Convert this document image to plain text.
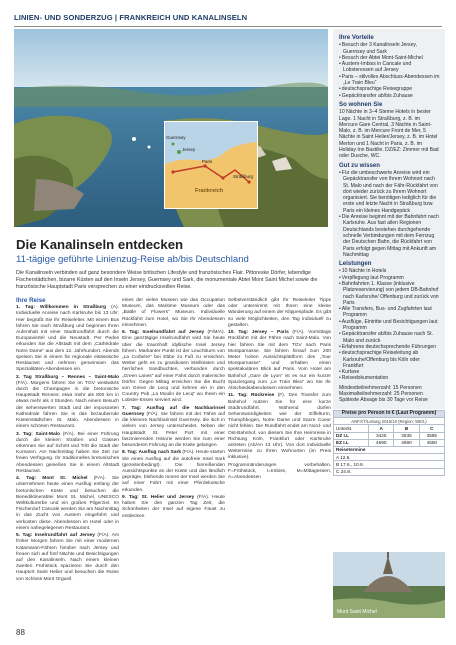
LINIEN- UND SONDERZUG | FRANKREICH UND KANALINSELN
Jersey
Guernsey
Paris
Straßburg
Frankreich
Ihre Vorteile
• Besuch der 3 Kanalinseln Jersey, Guernsey und Sark
• Besuch der Abtei Mont-Saint-Michel
• Austern-Imbiss in Cancale und Lobsteressen auf Jersey
• Paris – stilvolles Abschluss-Abendessen im „Le Train Bleu“
• deutschsprachige Reisegruppe
• Gepäcktransfer ab/bis Zuhause
So wohnen Sie

10 Nächte in 3–4 Sterne Hotels in bester Lage. 1 Nacht in Straßburg, z. B. im Mercure Gare Central, 3 Nächte in Saint-Malo, z. B. im Mercure Front de Mer, 5 Nächte in Saint Helier/Jersey, z. B. im Hotel Merton und 1 Nacht in Paris, z. B. im Holiday Inn Bastille. DZ/EZ: Zimmer mit Bad oder Dusche, WC.

Gut zu wissen
• Für die umbeschwerte Anreise wird ein Gepäcktransfer von Ihrem Wohnort nach St. Malo und nach der Fähr-Rückfahrt von dort wieder zurück zu Ihrem Wohnort organisiert. Sie benötigen lediglich für die erste und letzte Nacht in Straßburg bzw. Paris ein kleines Handgepäck
• Die Anreise beginnt mit der Bahnfahrt nach Karlsruhe. Aus fast allen Regionen Deutschlands bestehen durchgehende schnelle Verbindungen mit dem Fernzug der Deutschen Bahn, die Rückfahrt von Paris erfolgt gegen Mittag mit Ankunft am Nachmittag
Leistungen
• 10 Nächte in Hotels
• Verpflegung laut Programm
• Bahnfahrten 1. Klasse (inklusive Platzreservierung) von jedem DB-Bahnhof nach Karlsruhe/ Offenburg und zurück von Paris
• Alle Transfers, Bus- und Zugfahrten laut Programm
• Ausflüge, Eintritte und Besichtigungen laut Programm
• Gepäcktransfer ab/bis Zuhause nach St. Malo und zurück
• Erfahrene deutschsprechende Führungen
• deutschsprachige Reiseleitung ab Karlsruhe/Offenburg bis Köln oder Frankfurt
• Kurtaxe
• Reisedokumentation

Mindestteilnehmerzahl: 15 Personen

Maximalteilnehmerzahl: 25 Personen

Späteste Absage bis 30 Tage vor Reise

Preise pro Person in € (Laut Programm)			
ANF.KT/Leitung 2015/10 (Region: WE/L)			
Unterkt.	A	B	C
DZ I.L	3425	3535	3585
EZ I.L	4590	4590	4550
Reisetermine			
A 12.5.			
B 17.6., 10.9.			
C 24.8.			
Mont Saint Michel
Die Kanalinseln entdecken
11-tägige geführte Linienzug-Reise ab/bis Deutschland
Die Kanalinseln verbinden auf ganz besondere Weise britischen Lifestyle und französisches Flair. Pittoreske Dörfer, lebendige Fischerstädtchen, bizarre Küsten auf den Inseln Jersey, Guernsey und Sark, die monumentale Abtei Mont Saint Michel sowie die französische Hauptstadt Paris versprechen zu einer eindrucksvollen Reise.
Ihre Reise

1. Tag: Willkommen in Straßburg (A). Individuelle Anreise nach Karlsruhe bis 13 Uhr. Hier begrüßt Sie Ihr Reiseleiter. Mit einem Bus fahren Sie nach Straßburg und beginnen Ihren Aufenthalt mit einer Stadtrundfahrt durch die Europaviertel und die Neustadt. Per Pedes erkunden Sie die Altstadt mit dem „Cathédrale Notre Dame“ aus dem 12. Jahrhundert. Abends speisen Sie in einem für regionale elsässische Restaurant und nehmen gemeinsam das Spezialitäten-Abendessen ein.

2. Tag Straßburg – Rennes – Saint-Malo (F/A). Morgens fahren Sie im TGV westwärts durch die Champagne in die bretonische Hauptstadt Rennes: etwa mehr als 800 km in etwas mehr als 4 Stunden. Nach einem Besuch der sehenswerten Stadt und der imposanten Kathedrale fahren Sie in das bezaubernde Küstenstädtchen St. Malo. Abendessen in einem schönen Restaurant.

3. Tag: Saint-Malo (F/A). Bei einer Führung durch die kleinen Straßen und Gassen erkennen Sie auf Schritt und Tritt die Stadt der Korsaren. Am Nachmittag haben Sie Zeit zur freien Verfügung. Ihr traditionelles bretonisches Abendessen genießen Sie in einem Altstadt Restaurant.

4. Tag: Mont St. Michel (F/A). Sie unternehmen heute einen Ausflug entlang der bretonischen Küste und besuchen die Benediktinerabtei Mont St. Michel, UNESCO Weltkulturerbe und ein großes Pilgerziel. Im Fischerdorf Cancale werden Sie am Nachmittag in das Zucht von Austern eingeführt und verkosten diese. Abendessen im Hotel oder in einem nahegelegenen Restaurant.

5. Tag: Inselrundfahrt auf Jersey (F/A). Am früher Morgen fahren Sie mit einer modernen Katamaran-Fähren hinüber nach Jersey und freuen sich auf fünf Nächte und Besichtigungen auf den Kanalinseln. Nach einem kleinen zweiten Frühstück spazieren Sie durch den Hauptort Saint Helier und besuchen die Ruine von Schloss Mont Orgueil.

eines der vielen Museen wie das Occupation Museum, das Maritime Museum oder das „Battle of Flowers“ Museum. Individuelle Rückfahrt zum Hotel, wo Sie Ihr Abendessen einnehmen.

6. Tag: Inselrundfahrt auf Jersey (F/M/A). Eine ganztägige Inselrundfahrt wird Sie heute über die traumhaft idyllische Insel Jersey führen. Markanter Punkt ist der Leuchtturm von „La Corbière“ bei Ebbe zu Fuß zu erreichen. Weiter geht es zu grandiosen Steilküsten und herrlichen Sandbuchten, verbunden durch „Green Lanes“ auf einer Fahrt durch malerische Dörfer. Gegen Mittag erreichen Sie die Bucht von Greve de Lecq und kehren ein in den Country Pub „La Moulin de Lecq“ wo Ihnen ein Lobster-Essen serviert wird.

7. Tag: Ausflug auf die Nachbarinsel Guernsey (F/A). Sie fahren mit der Fähre auf die kleinere Nachbarinsel Guernsey, die sich in vielem von Jersey unterscheidet. Neben der Hauptstadt St. Peter Port mit einer faszinierenden Historie werden Sie zum einer besonderen Führung an die Küste gelangen.

8. Tag: Ausflug nach Sark (F/A). Heute starten Sie einen Ausflug auf die autofreie Insel Sark (gezeitenbedingt). Die hinreißenden Aussichtspunkte an der Küste und das ländlich geprägte, blühende Innere der Insel werden Sie auf einer Fahrt mit einer Pferdekutsche erkunden.

9. Tag: St. Helier und Jersey (F/A). Heute haben Sie den ganzen Tag Zeit, die Schönheiten der Insel auf eigene Faust zu entdecken.

Selbstverständlich gibt Ihr Reiseleiter Tipps oder unternimmt mit Ihnen eine kleine Wanderung auf einem der Klippenpfade. Es gibt so viele Möglichkeiten, den Tag individuell zu gestalten.

10. Tag: Jersey – Paris (F/A). Vormittags Rückfahrt mit der Fähre nach Saint-Malo. Von hier fahren Sie mit dem TGV nach Paris Montparnasse. Sie fahren hinauf zum 200 Meter hohen Aussichtsplattform des „Tour Montparnasse“ und erhalten einen spektakulären Blick auf Paris. Vom Hotel am Bahnhof „Gare de Lyon“ ist es nur ein kurzer Spaziergang zum „Le Train Bleu“ wo Sie Ihr Abschiedsabendessen einnehmen.

11. Tag: Rückreise (F). Den Transfer zum Bahnhof nutzen Sie für eine kurze Stadtrundfahrt. Während dürfen Sehenswürdigkeiten wie der Eiffelturm, Triumphbogen, Notre Dame und Sacre Coeur nicht fehlen. Die Rundfahrt endet am Nord- und Ost-Bahnhof, von diesem Sie Ihre Heimreise in Richtung Köln, Frankfurt oder Karlsruhe antreten (Ab/An 13 Uhr). Von dort individuelle Weiterreise zu Ihren Wohnorten (im Preis inklusive).

Programmänderungen vorbehalten. F=Frühstück, I=Imbiss, M=Mittagessen, A=Abendessen

88
